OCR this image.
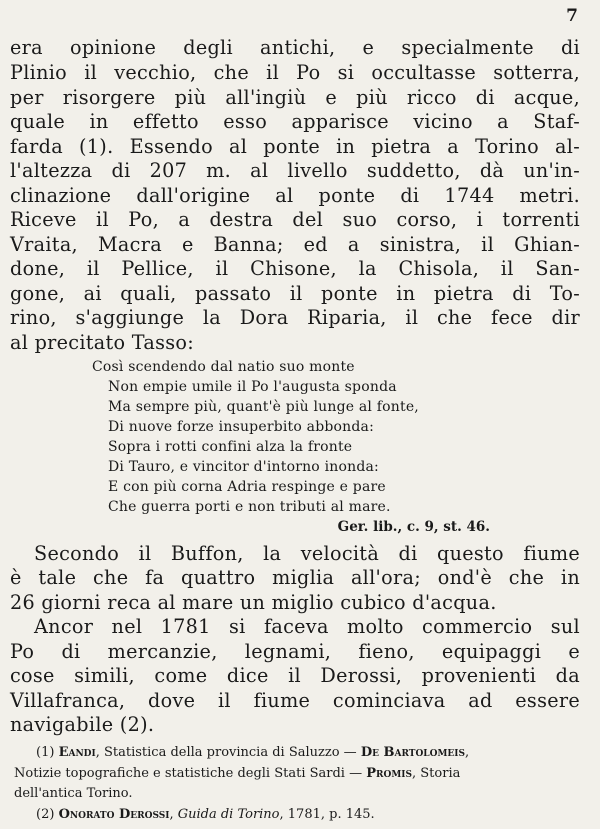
7
era opinione degli antichi, e specialmente di
Plinio il vecchio, che il Po si occultasse sotterra,
per risorgere più all'ingiù e più ricco di acque,
quale in effetto esso apparisce vicino a Staf-
farda (1). Essendo al ponte in pietra a Torino al-
l'altezza di 207 m. al livello suddetto, dà un'in-
clinazione dall'origine al ponte di 1744 metri.
Riceve il Po, a destra del suo corso, i torrenti
Vraita, Macra e Banna; ed a sinistra, il Ghian-
done, il Pellice, il Chisone, la Chisola, il San-
gone, ai quali, passato il ponte in pietra di To-
rino, s'aggiunge la Dora Riparia, il che fece dir
al precitato Tasso:
Così scendendo dal natio suo monte
Non empie umile il Po l'augusta sponda
Ma sempre più, quant'è più lunge al fonte,
Di nuove forze insuperbito abbonda:
Sopra i rotti confini alza la fronte
Di Tauro, e vincitor d'intorno inonda:
E con più corna Adria respinge e pare
Che guerra porti e non tributi al mare.
Ger. lib., c. 9, st. 46.
Secondo il Buffon, la velocità di questo fiume
è tale che fa quattro miglia all'ora; ond'è che in
26 giorni reca al mare un miglio cubico d'acqua.
Ancor nel 1781 si faceva molto commercio sul
Po di mercanzie, legnami, fieno, equipaggi e
cose simili, come dice il Derossi, provenienti da
Villafranca, dove il fiume cominciava ad essere
navigabile (2).
(1) Eandi, Statistica della provincia di Saluzzo — De Bartolomeis,
Notizie topografiche e statistiche degli Stati Sardi — Promis, Storia
dell'antica Torino.
(2) Onorato Derossi, Guida di Torino, 1781, p. 145.
